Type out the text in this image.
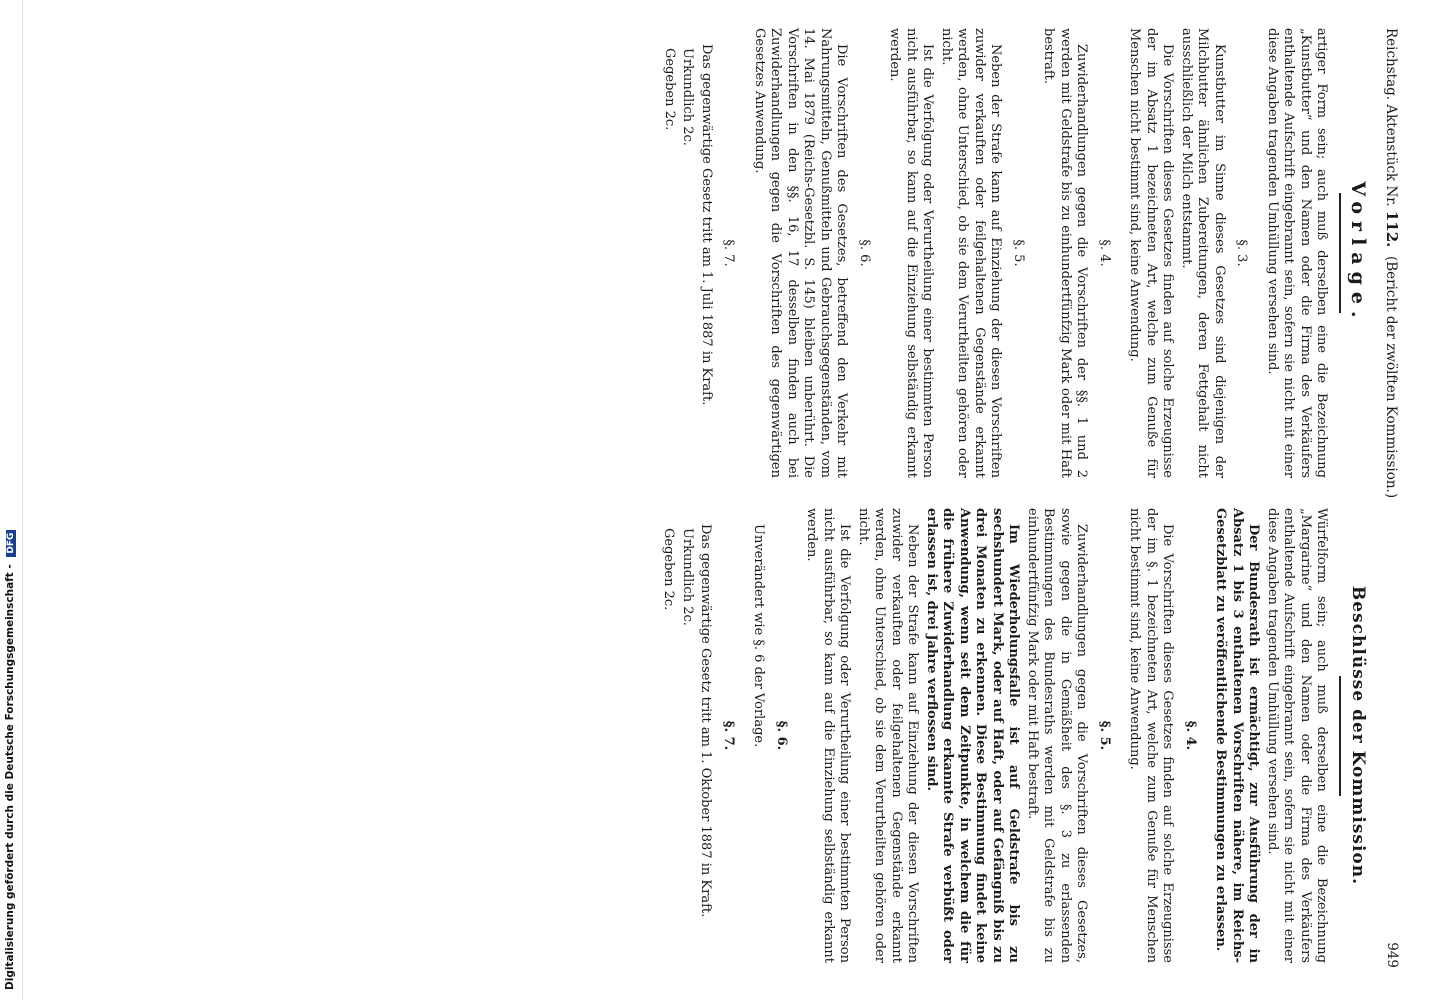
Digitalisierung gefördert durch die Deutsche Forschungsgemeinschaft - DFG
Reichstag. Aktenstück Nr. 112.  (Bericht der zwölften Kommission.)
949
Vorlage.

artiger Form sein; auch muß derselben eine die Bezeichnung „Kunstbutter“ und den Namen oder die Firma des Verkäufers enthaltende Aufschrift eingebrannt sein, sofern sie nicht mit einer diese Angaben tragenden Umhüllung versehen sind.

§. 3.

Kunstbutter im Sinne dieses Gesetzes sind diejenigen der Milchbutter ähnlichen Zubereitungen, deren Fettgehalt nicht ausschließlich der Milch entstammt.

Die Vorschriften dieses Gesetzes finden auf solche Erzeugnisse der im Absatz 1 bezeichneten Art, welche zum Genuße für Menschen nicht bestimmt sind, keine Anwendung.

§. 4.

Zuwiderhandlungen gegen die Vorschriften der §§. 1 und 2 werden mit Geldstrafe bis zu einhundertfünfzig Mark oder mit Haft bestraft.

§. 5.

Neben der Strafe kann auf Einziehung der diesen Vorschriften zuwider verkauften oder feilgehaltenen Gegenstände erkannt werden, ohne Unterschied, ob sie dem Verurtheilten gehören oder nicht.

Ist die Verfolgung oder Verurtheilung einer bestimmten Person nicht ausführbar, so kann auf die Einziehung selbständig erkannt werden.

§. 6.

Die Vorschriften des Gesetzes, betreffend den Verkehr mit Nahrungsmitteln, Genußmitteln und Gebrauchsgegenständen, vom 14. Mai 1879 (Reichs-Gesetzbl. S. 145) bleiben unberührt. Die Vorschriften in den §§. 16, 17 desselben finden auch bei Zuwiderhandlungen gegen die Vorschriften des gegenwärtigen Gesetzes Anwendung.

§. 7.

Das gegenwärtige Gesetz tritt am 1. Juli 1887 in Kraft.

Urkundlich 2c.

Gegeben 2c.

Beschlüsse der Kommission.

Würfelform sein; auch muß derselben eine die Bezeichnung „Margarine“ und den Namen oder die Firma des Verkäufers enthaltende Aufschrift eingebrannt sein, sofern sie nicht mit einer diese Angaben tragenden Umhüllung versehen sind.

Der Bundesrath ist ermächtigt, zur Ausführung der in Absatz 1 bis 3 enthaltenen Vorschriften nähere, im Reichs-Gesetzblatt zu veröffentlichende Bestimmungen zu erlassen.

§. 4.

Die Vorschriften dieses Gesetzes finden auf solche Erzeugnisse der im §. 1 bezeichneten Art, welche zum Genuße für Menschen nicht bestimmt sind, keine Anwendung.

§. 5.

Zuwiderhandlungen gegen die Vorschriften dieses Gesetzes, sowie gegen die in Gemäßheit des §. 3 zu erlassenden Bestimmungen des Bundesraths werden mit Geldstrafe bis zu einhundertfünfzig Mark oder mit Haft bestraft.

Im Wiederholungsfalle ist auf Geldstrafe bis zu sechshundert Mark, oder auf Haft, oder auf Gefängniß bis zu drei Monaten zu erkennen. Diese Bestimmung findet keine Anwendung, wenn seit dem Zeitpunkte, in welchem die für die frühere Zuwiderhandlung erkannte Strafe verbüßt oder erlassen ist, drei Jahre verflossen sind.

Neben der Strafe kann auf Einziehung der diesen Vorschriften zuwider verkauften oder feilgehaltenen Gegenstände erkannt werden, ohne Unterschied, ob sie dem Verurtheilten gehören oder nicht.

Ist die Verfolgung oder Verurtheilung einer bestimmten Person nicht ausführbar, so kann auf die Einziehung selbständig erkannt werden.

§. 6.

Unverändert wie §. 6 der Vorlage.

§. 7.

Das gegenwärtige Gesetz tritt am 1. Oktober 1887 in Kraft.

Urkundlich 2c.

Gegeben 2c.
